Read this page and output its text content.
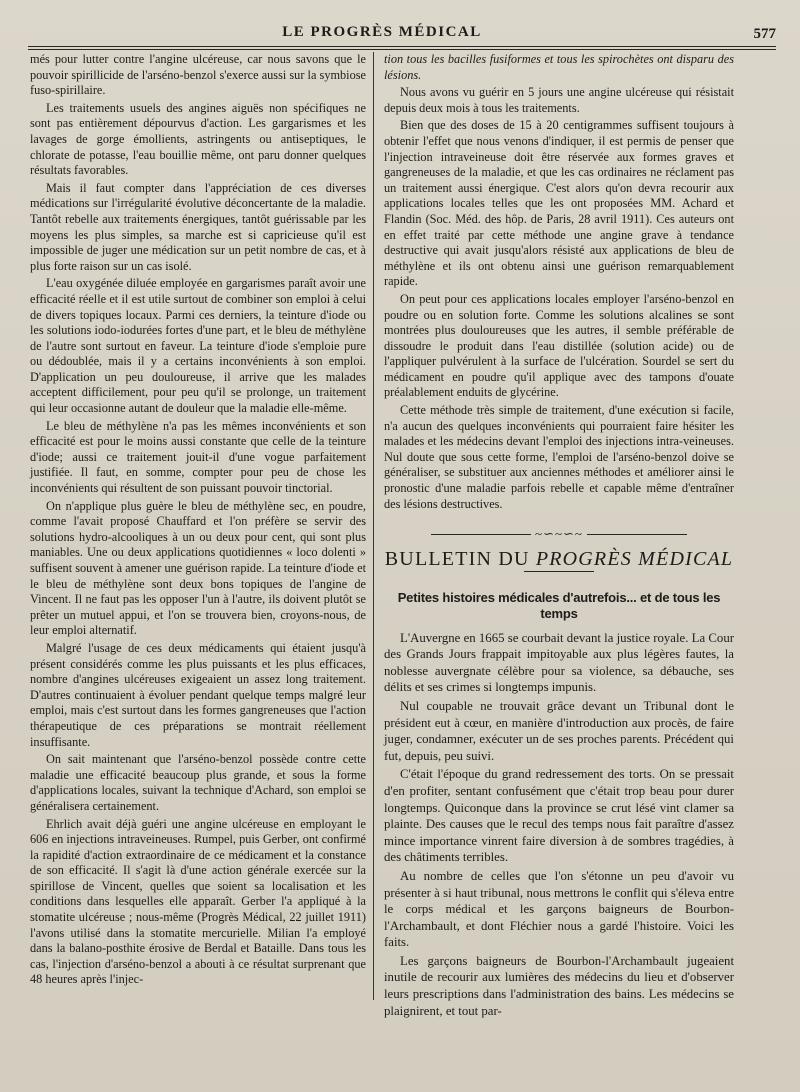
LE PROGRÈS MÉDICAL	577

més pour lutter contre l'angine ulcéreuse, car nous savons que le pouvoir spirillicide de l'arséno-benzol s'exerce aussi sur la symbiose fuso-spirillaire.

Les traitements usuels des angines aiguës non spécifiques ne sont pas entièrement dépourvus d'action. Les gargarismes et les lavages de gorge émollients, astringents ou antiseptiques, le chlorate de potasse, l'eau bouillie même, ont paru donner quelques résultats favorables.

Mais il faut compter dans l'appréciation de ces diverses médications sur l'irrégularité évolutive déconcertante de la maladie. Tantôt rebelle aux traitements énergiques, tantôt guérissable par les moyens les plus simples, sa marche est si capricieuse qu'il est impossible de juger une médication sur un petit nombre de cas, et à plus forte raison sur un cas isolé.

L'eau oxygénée diluée employée en gargarismes paraît avoir une efficacité réelle et il est utile surtout de combiner son emploi à celui de divers topiques locaux. Parmi ces derniers, la teinture d'iode ou les solutions iodo-iodurées fortes d'une part, et le bleu de méthylène de l'autre sont surtout en faveur. La teinture d'iode s'emploie pure ou dédoublée, mais il y a certains inconvénients à son emploi. D'application un peu douloureuse, il arrive que les malades acceptent difficilement, pour peu qu'il se prolonge, un traitement qui leur occasionne autant de douleur que la maladie elle-même.

Le bleu de méthylène n'a pas les mêmes inconvénients et son efficacité est pour le moins aussi constante que celle de la teinture d'iode; aussi ce traitement jouit-il d'une vogue parfaitement justifiée. Il faut, en somme, compter pour peu de chose les inconvénients qui résultent de son puissant pouvoir tinctorial.

On n'applique plus guère le bleu de méthylène sec, en poudre, comme l'avait proposé Chauffard et l'on préfère se servir des solutions hydro-alcooliques à un ou deux pour cent, qui sont plus maniables. Une ou deux applications quotidiennes « loco dolenti » suffisent souvent à amener une guérison rapide. La teinture d'iode et le bleu de méthylène sont deux bons topiques de l'angine de Vincent. Il ne faut pas les opposer l'un à l'autre, ils doivent plutôt se prêter un mutuel appui, et l'on se trouvera bien, croyons-nous, de leur emploi alternatif.

Malgré l'usage de ces deux médicaments qui étaient jusqu'à présent considérés comme les plus puissants et les plus efficaces, nombre d'angines ulcéreuses exigeaient un assez long traitement. D'autres continuaient à évoluer pendant quelque temps malgré leur emploi, mais c'est surtout dans les formes gangreneuses que l'action thérapeutique de ces préparations se montrait réellement insuffisante.

On sait maintenant que l'arséno-benzol possède contre cette maladie une efficacité beaucoup plus grande, et sous la forme d'applications locales, suivant la technique d'Achard, son emploi se généralisera certainement.

Ehrlich avait déjà guéri une angine ulcéreuse en employant le 606 en injections intraveineuses. Rumpel, puis Gerber, ont confirmé la rapidité d'action extraordinaire de ce médicament et la constance de son efficacité. Il s'agit là d'une action générale exercée sur la spirillose de Vincent, quelles que soient sa localisation et les conditions dans lesquelles elle apparaît. Gerber l'a appliqué à la stomatite ulcéreuse ; nous-même (Progrès Médical, 22 juillet 1911) l'avons utilisé dans la stomatite mercurielle. Milian l'a employé dans la balano-posthite érosive de Berdal et Bataille. Dans tous les cas, l'injection d'arséno-benzol a abouti à ce résultat surprenant que 48 heures après l'injec-

tion tous les bacilles fusiformes et tous les spirochètes ont disparu des lésions.

Nous avons vu guérir en 5 jours une angine ulcéreuse qui résistait depuis deux mois à tous les traitements.

Bien que des doses de 15 à 20 centigrammes suffisent toujours à obtenir l'effet que nous venons d'indiquer, il est permis de penser que l'injection intraveineuse doit être réservée aux formes graves et gangreneuses de la maladie, et que les cas ordinaires ne réclament pas un traitement aussi énergique. C'est alors qu'on devra recourir aux applications locales telles que les ont proposées MM. Achard et Flandin (Soc. Méd. des hôp. de Paris, 28 avril 1911). Ces auteurs ont en effet traité par cette méthode une angine grave à tendance destructive qui avait jusqu'alors résisté aux applications de bleu de méthylène et ils ont obtenu ainsi une guérison remarquablement rapide.

On peut pour ces applications locales employer l'arséno-benzol en poudre ou en solution forte. Comme les solutions alcalines se sont montrées plus douloureuses que les autres, il semble préférable de dissoudre le produit dans l'eau distillée (solution acide) ou de l'appliquer pulvérulent à la surface de l'ulcération. Sourdel se sert du médicament en poudre qu'il applique avec des tampons d'ouate préalablement enduits de glycérine.

Cette méthode très simple de traitement, d'une exécution si facile, n'a aucun des quelques inconvénients qui pourraient faire hésiter les malades et les médecins devant l'emploi des injections intra-veineuses. Nul doute que sous cette forme, l'emploi de l'arséno-benzol doive se généraliser, se substituer aux anciennes méthodes et améliorer ainsi le pronostic d'une maladie parfois rebelle et capable même d'entraîner des lésions destructives.

~∽~∽~
BULLETIN DU PROGRÈS MÉDICAL
Petites histoires médicales d'autrefois... et de tous les temps

L'Auvergne en 1665 se courbait devant la justice royale. La Cour des Grands Jours frappait impitoyable aux plus légères fautes, la noblesse auvergnate célèbre pour sa violence, sa débauche, ses délits et ses crimes si longtemps impunis.

Nul coupable ne trouvait grâce devant un Tribunal dont le président eut à cœur, en manière d'introduction aux procès, de faire juger, condamner, exécuter un de ses proches parents. Précédent qui fut, depuis, peu suivi.

C'était l'époque du grand redressement des torts. On se pressait d'en profiter, sentant confusément que c'était trop beau pour durer longtemps. Quiconque dans la province se crut lésé vint clamer sa plainte. Des causes que le recul des temps nous fait paraître d'assez mince importance vinrent faire diversion à de sombres tragédies, à des châtiments terribles.

Au nombre de celles que l'on s'étonne un peu d'avoir vu présenter à si haut tribunal, nous mettrons le conflit qui s'éleva entre le corps médical et les garçons baigneurs de Bourbon-l'Archambault, et dont Fléchier nous a gardé l'histoire. Voici les faits.

Les garçons baigneurs de Bourbon-l'Archambault jugeaient inutile de recourir aux lumières des médecins du lieu et d'observer leurs prescriptions dans l'administration des bains. Les médecins se plaignirent, et tout par-
